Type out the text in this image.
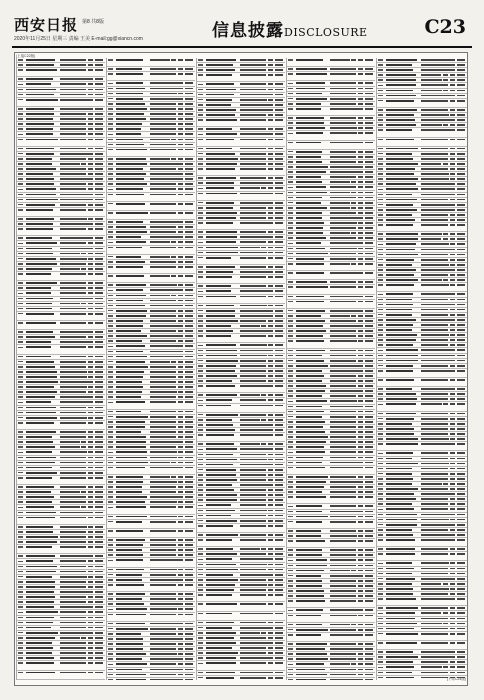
西安日报 第8 共8版
2020年11月25日 星期三 责编 王美 E-mail:gg@xiancn.com	信息披露DISCLOSURE	C23
(上接C22版)
(下转C24版)
